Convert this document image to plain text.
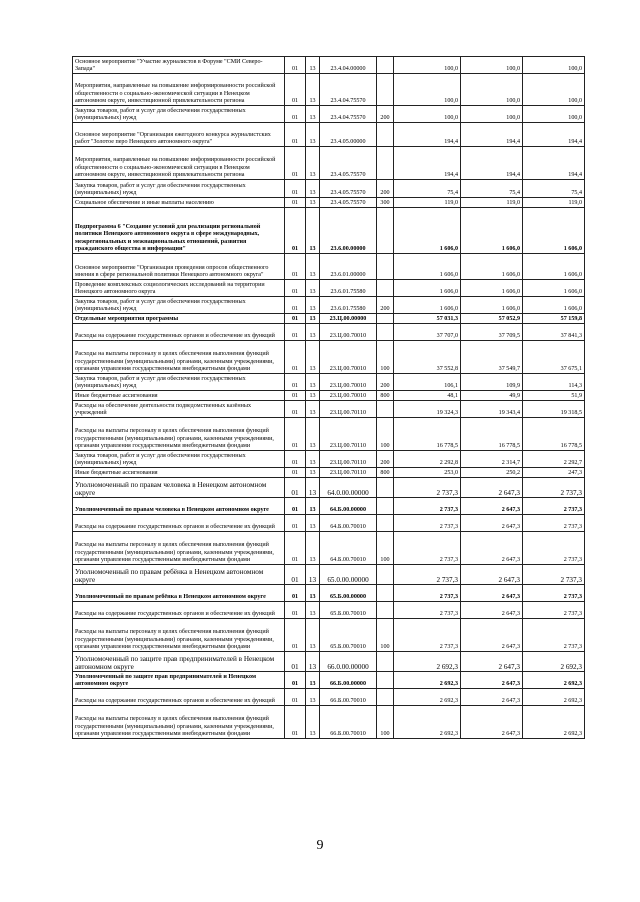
Основное мероприятие "Участие журналистов в Форуме "СМИ Северо-Запада"	01	13	23.4.04.00000		100,0	100,0	100,0
Мероприятия, направленные на повышение информированности российской общественности о социально-экономической ситуации в Ненецком автономном округе, инвестиционной привлекательности региона	01	13	23.4.04.75570		100,0	100,0	100,0
Закупка товаров, работ и услуг для обеспечения государственных (муниципальных) нужд	01	13	23.4.04.75570	200	100,0	100,0	100,0
Основное мероприятие "Организация ежегодного конкурса журналистских работ "Золотое перо Ненецкого автономного округа"	01	13	23.4.05.00000		194,4	194,4	194,4
Мероприятия, направленные на повышение информированности российской общественности о социально-экономической ситуации в Ненецком автономном округе, инвестиционной привлекательности региона	01	13	23.4.05.75570		194,4	194,4	194,4
Закупка товаров, работ и услуг для обеспечения государственных (муниципальных) нужд	01	13	23.4.05.75570	200	75,4	75,4	75,4
Социальное обеспечение и иные выплаты населению	01	13	23.4.05.75570	300	119,0	119,0	119,0
Подпрограмма 6 "Создание условий для реализации региональной политики Ненецкого автономного округа в сфере международных, межрегиональных и межнациональных отношений, развития гражданского общества и информации"	01	13	23.6.00.00000		1 606,0	1 606,0	1 606,0
Основное мероприятие "Организация проведения опросов общественного мнения в сфере региональной политики Ненецкого автономного округа"	01	13	23.6.01.00000		1 606,0	1 606,0	1 606,0
Проведение комплексных социологических исследований на территории Ненецкого автономного округа	01	13	23.6.01.75580		1 606,0	1 606,0	1 606,0
Закупка товаров, работ и услуг для обеспечения государственных (муниципальных) нужд	01	13	23.6.01.75580	200	1 606,0	1 606,0	1 606,0
Отдельные мероприятия программы	01	13	23.Ц.00.00000		57 031,3	57 052,9	57 159,8
Расходы на содержание государственных органов и обеспечение их функций	01	13	23.Ц.00.70010		37 707,0	37 709,5	37 841,3
Расходы на выплаты персоналу в целях обеспечения выполнения функций государственными (муниципальными) органами, казенными учреждениями, органами управления государственными внебюджетными фондами	01	13	23.Ц.00.70010	100	37 552,8	37 549,7	37 675,1
Закупка товаров, работ и услуг для обеспечения государственных (муниципальных) нужд	01	13	23.Ц.00.70010	200	106,1	109,9	114,3
Иные бюджетные ассигнования	01	13	23.Ц.00.70010	800	48,1	49,9	51,9
Расходы на обеспечение деятельности подведомственных казённых учреждений	01	13	23.Ц.00.70110		19 324,3	19 343,4	19 318,5
Расходы на выплаты персоналу в целях обеспечения выполнения функций государственными (муниципальными) органами, казенными учреждениями, органами управления государственными внебюджетными фондами	01	13	23.Ц.00.70110	100	16 778,5	16 778,5	16 778,5
Закупка товаров, работ и услуг для обеспечения государственных (муниципальных) нужд	01	13	23.Ц.00.70110	200	2 292,8	2 314,7	2 292,7
Иные бюджетные ассигнования	01	13	23.Ц.00.70110	800	253,0	250,2	247,3
Уполномоченный по правам человека в Ненецком автономном округе	01	13	64.0.00.00000		2 737,3	2 647,3	2 737,3
Уполномоченный по правам человека в Ненецком автономном округе	01	13	64.Б.00.00000		2 737,3	2 647,3	2 737,3
Расходы на содержание государственных органов и обеспечение их функций	01	13	64.Б.00.70010		2 737,3	2 647,3	2 737,3
Расходы на выплаты персоналу в целях обеспечения выполнения функций государственными (муниципальными) органами, казенными учреждениями, органами управления государственными внебюджетными фондами	01	13	64.Б.00.70010	100	2 737,3	2 647,3	2 737,3
Уполномоченный по правам ребёнка в Ненецком автономном округе	01	13	65.0.00.00000		2 737,3	2 647,3	2 737,3
Уполномоченный по правам ребёнка в Ненецком автономном округе	01	13	65.Б.00.00000		2 737,3	2 647,3	2 737,3
Расходы на содержание государственных органов и обеспечение их функций	01	13	65.Б.00.70010		2 737,3	2 647,3	2 737,3
Расходы на выплаты персоналу в целях обеспечения выполнения функций государственными (муниципальными) органами, казенными учреждениями, органами управления государственными внебюджетными фондами	01	13	65.Б.00.70010	100	2 737,3	2 647,3	2 737,3
Уполномоченный по защите прав предпринимателей в Ненецком автономном округе	01	13	66.0.00.00000		2 692,3	2 647,3	2 692,3
Уполномоченный по защите прав предпринимателей и Ненецком автономном округе	01	13	66.Б.00.00000		2 692,3	2 647,3	2 692,3
Расходы на содержание государственных органов и обеспечение их функций	01	13	66.Б.00.70010		2 692,3	2 647,3	2 692,3
Расходы на выплаты персоналу в целях обеспечения выполнения функций государственными (муниципальными) органами, казенными учреждениями, органами управления государственными внебюджетными фондами	01	13	66.Б.00.70010	100	2 692,3	2 647,3	2 692,3
9
